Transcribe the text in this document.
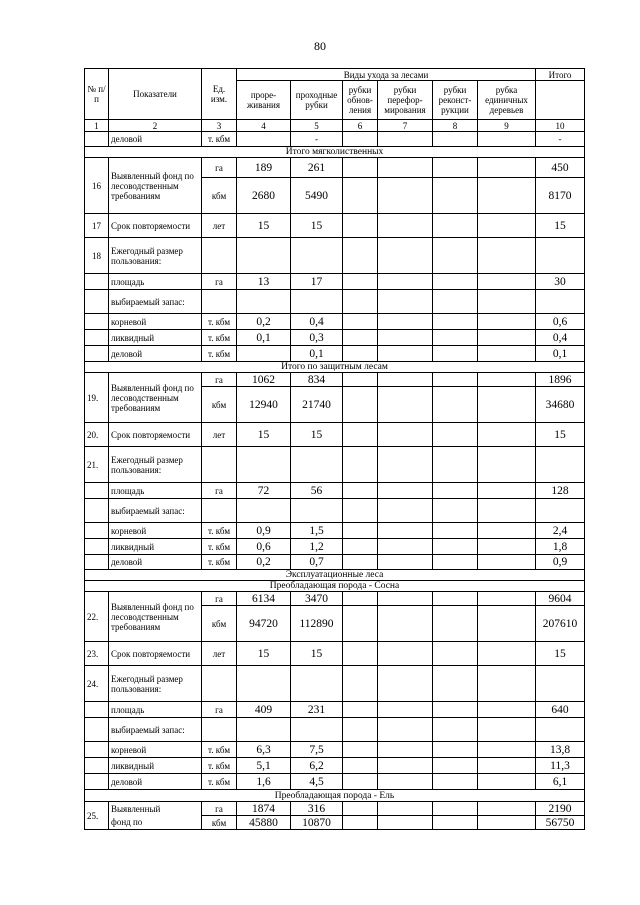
80
№ п/п	Показатели	Ед. изм.	Виды ухода за лесами						Итого
			проре-живания	проходные рубки	рубки обнов-ления	рубки перефор-мирования	рубки реконст-рукции	рубка единичных деревьев	
1	2	3	4	5	6	7	8	9	10
	деловой	т. кбм		-					-
Итого мягколиственных									
16	Выявленный фонд по лесоводственным требованиям	га	189	261					450
		кбм	2680	5490					8170
17	Срок повторяемости	лет	15	15					15
18	Ежегодный размер пользования:								
	площадь	га	13	17					30
	выбираемый запас:								
	корневой	т. кбм	0,2	0,4					0,6
	ликвидный	т. кбм	0,1	0,3					0,4
	деловой	т. кбм		0,1					0,1
Итого по защитным лесам									
19.	Выявленный фонд по лесоводственным требованиям	га	1062	834					1896
		кбм	12940	21740					34680
20.	Срок повторяемости	лет	15	15					15
21.	Ежегодный размер пользования:								
	площадь	га	72	56					128
	выбираемый запас:								
	корневой	т. кбм	0,9	1,5					2,4
	ликвидный	т. кбм	0,6	1,2					1,8
	деловой	т. кбм	0,2	0,7					0,9
Эксплуатационные леса									
Преобладающая порода - Сосна									
22.	Выявленный фонд по лесоводственным требованиям	га	6134	3470					9604
		кбм	94720	112890					207610
23.	Срок повторяемости	лет	15	15					15
24.	Ежегодный размер пользования:								
	площадь	га	409	231					640
	выбираемый запас:								
	корневой	т. кбм	6,3	7,5					13,8
	ликвидный	т. кбм	5,1	6,2					11,3
	деловой	т. кбм	1,6	4,5					6,1
Преобладающая порода - Ель									
25.	Выявленный	га	1874	316					2190
	фонд по	кбм	45880	10870					56750
